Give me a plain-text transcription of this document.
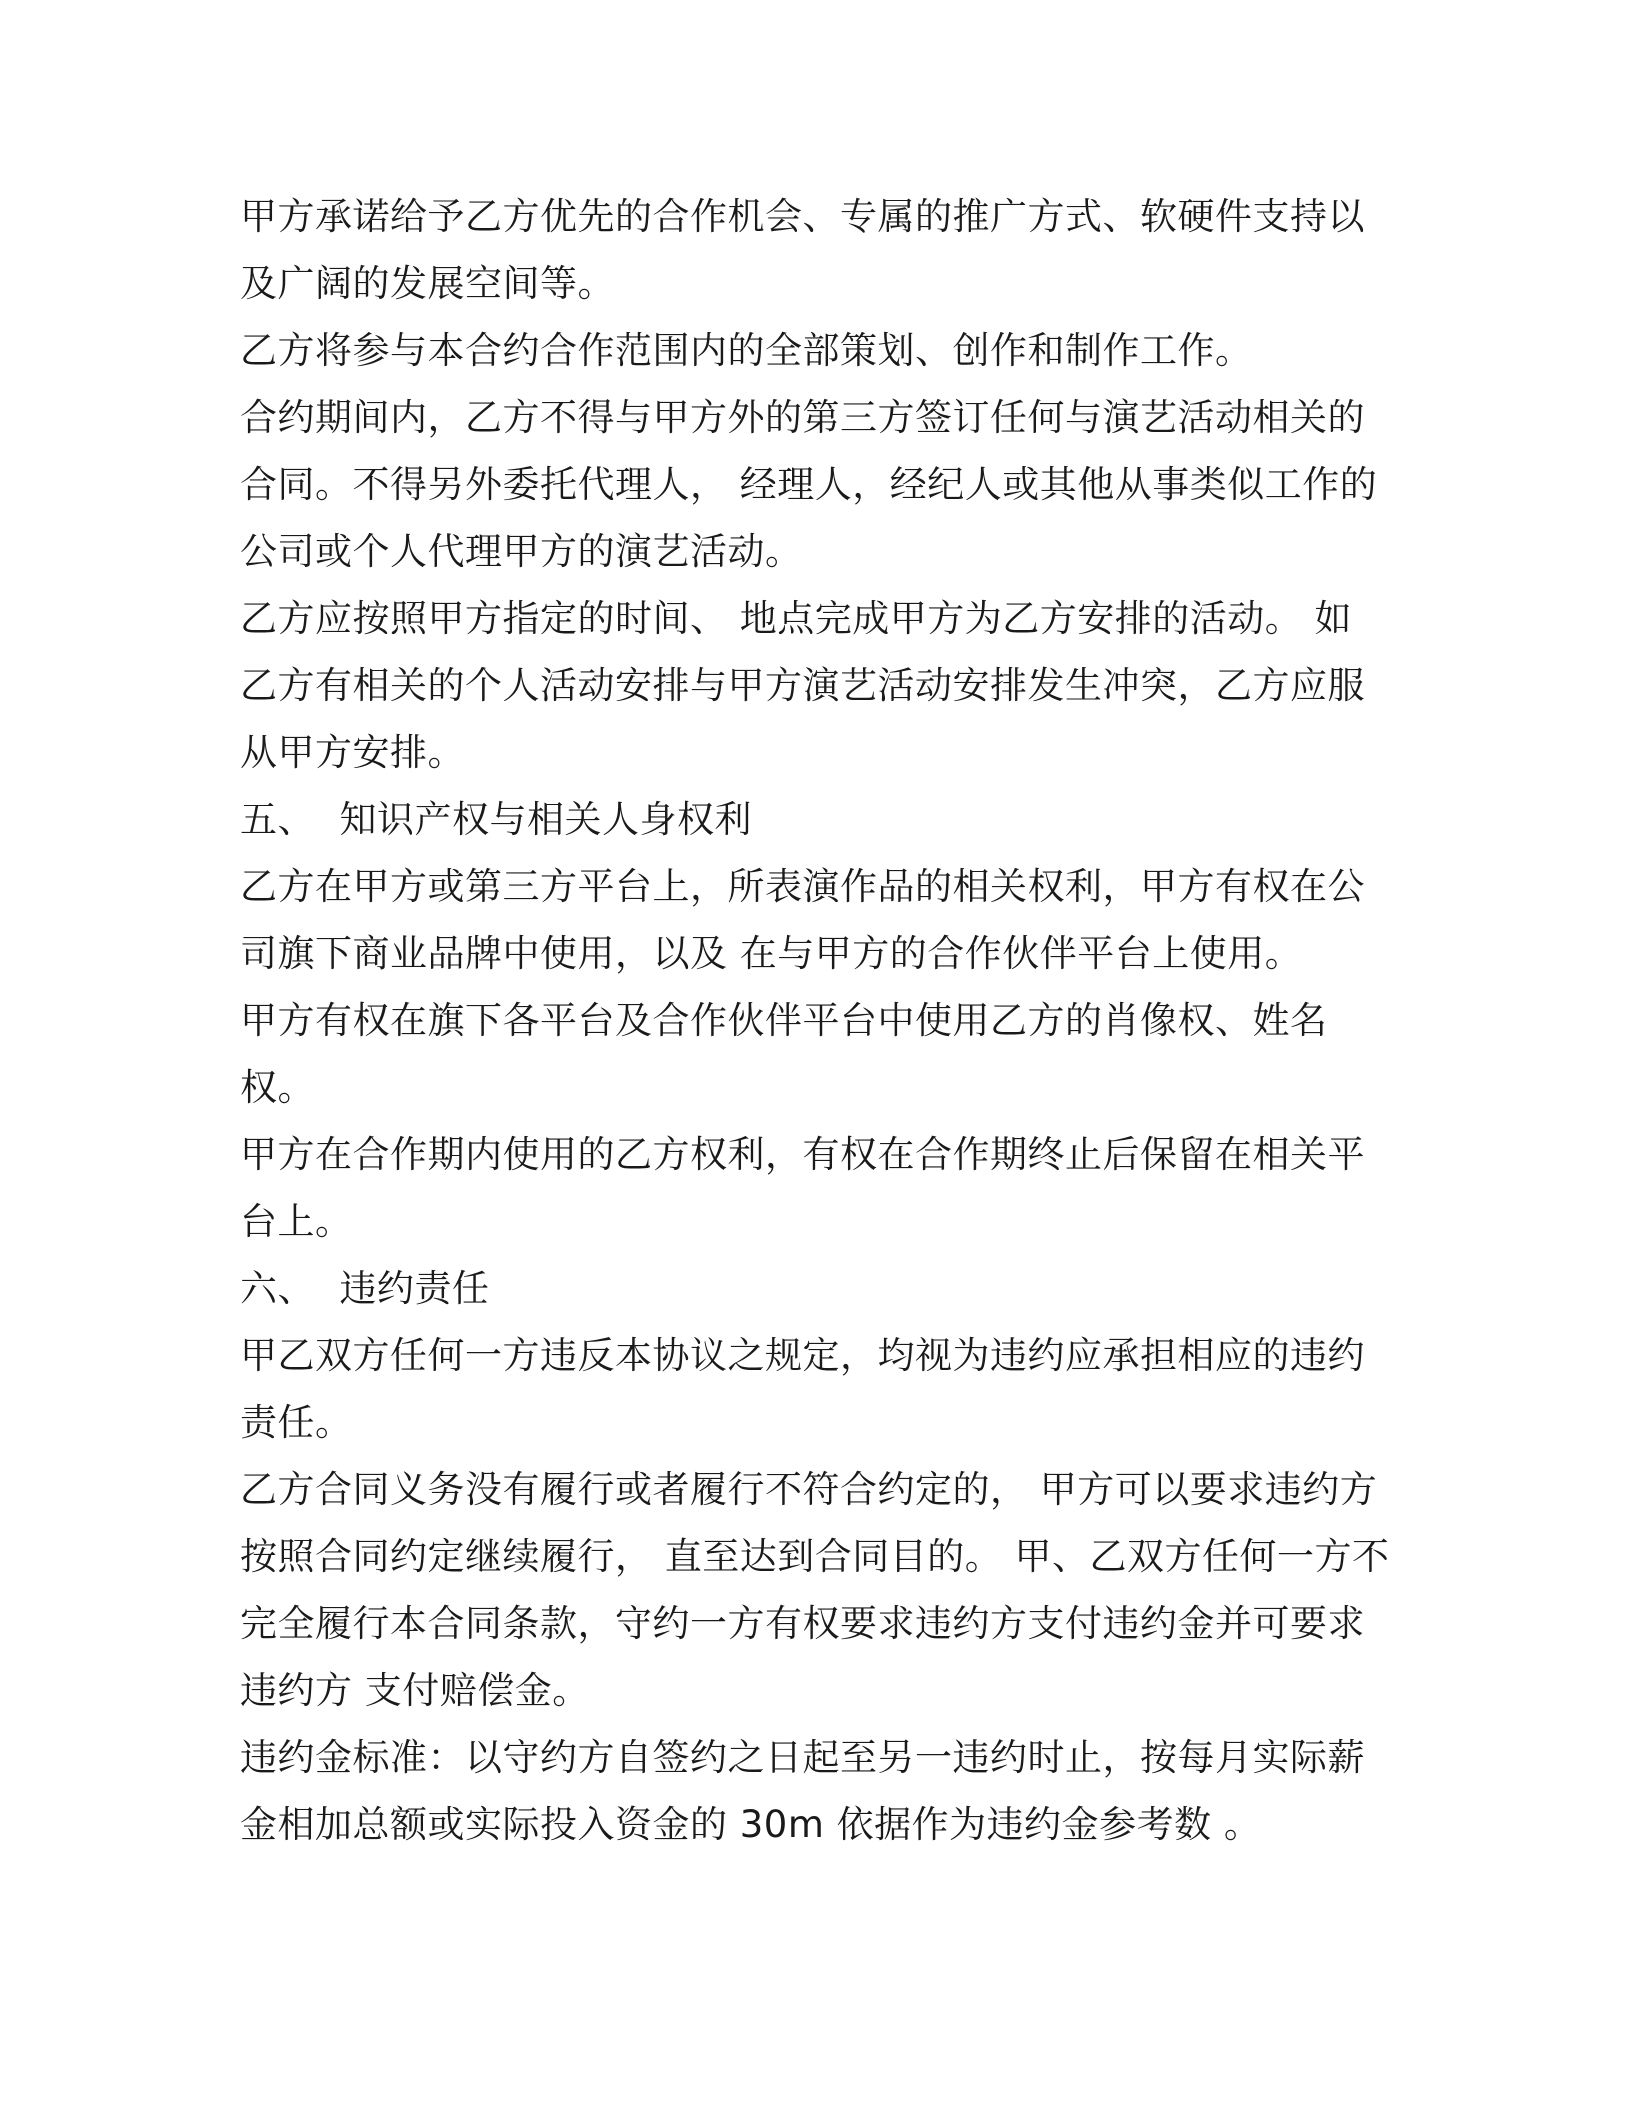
甲方承诺给予乙方优先的合作机会、专属的推广方式、软硬件支持以
及广阔的发展空间等。

乙方将参与本合约合作范围内的全部策划、创作和制作工作。

合约期间内，乙方不得与甲方外的第三方签订任何与演艺活动相关的
合同。不得另外委托代理人， 经理人，经纪人或其他从事类似工作的
公司或个人代理甲方的演艺活动。

乙方应按照甲方指定的时间、 地点完成甲方为乙方安排的活动。 如
乙方有相关的个人活动安排与甲方演艺活动安排发生冲突，乙方应服
从甲方安排。

五、  知识产权与相关人身权利

乙方在甲方或第三方平台上，所表演作品的相关权利，甲方有权在公
司旗下商业品牌中使用，以及 在与甲方的合作伙伴平台上使用。

甲方有权在旗下各平台及合作伙伴平台中使用乙方的肖像权、姓名
权。

甲方在合作期内使用的乙方权利，有权在合作期终止后保留在相关平
台上。

六、  违约责任

甲乙双方任何一方违反本协议之规定，均视为违约应承担相应的违约
责任。

乙方合同义务没有履行或者履行不符合约定的， 甲方可以要求违约方
按照合同约定继续履行， 直至达到合同目的。 甲、乙双方任何一方不
完全履行本合同条款，守约一方有权要求违约方支付违约金并可要求
违约方 支付赔偿金。

违约金标准：以守约方自签约之日起至另一违约时止，按每月实际薪
金相加总额或实际投入资金的 30m 依据作为违约金参考数 。
